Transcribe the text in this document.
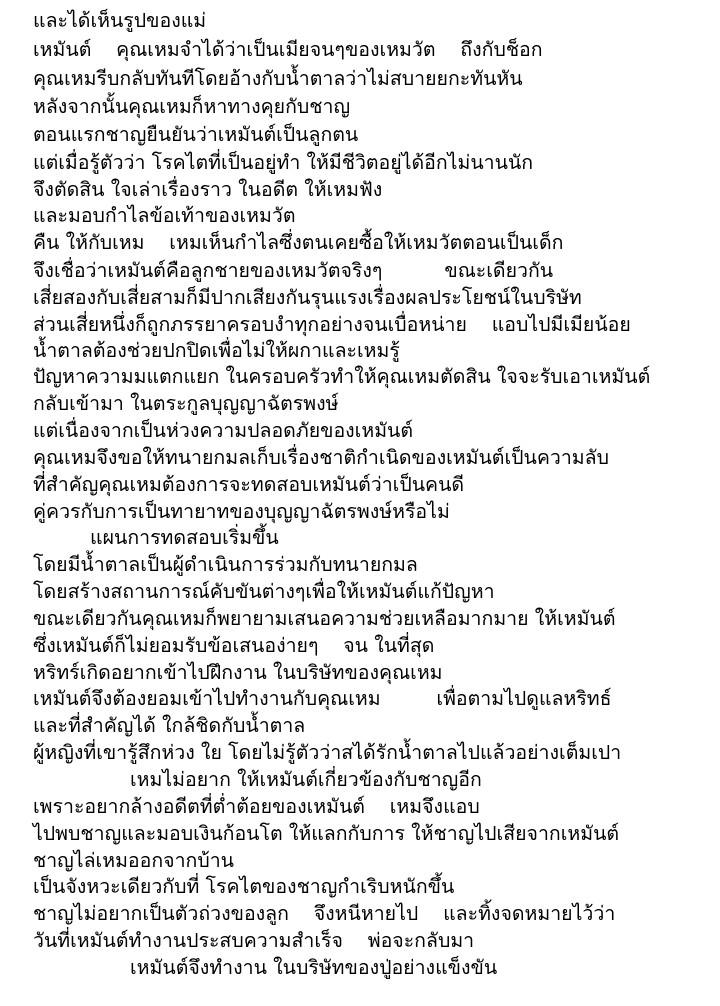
และได้เห็นรูปของแม่
เหมันต์    คุณเหมจำได้ว่าเป็นเมียจนๆของเหมวัต    ถึงกับช็อก
คุณเหมรีบกลับทันทีโดยอ้างกับน้ำตาลว่าไม่สบายยกะทันหัน
หลังจากนั้นคุณเหมก็หาทางคุยกับชาญ
ตอนแรกชาญยืนยันว่าเหมันต์เป็นลูกตน
แต่เมื่อรู้ตัวว่า โรคไตที่เป็นอยู่ทำ ให้มีชีวิตอยู่ได้อีกไม่นานนัก
จึงตัดสิน ใจเล่าเรื่องราว ในอดีต ให้เหมฟัง
และมอบกำไลข้อเท้าของเหมวัต
คืน ให้กับเหม    เหมเห็นกำไลซึ่งตนเคยซื้อให้เหมวัตตอนเป็นเด็ก
จึงเชื่อว่าเหมันต์คือลูกชายของเหมวัตจริงๆ          ขณะเดียวกัน
เสี่ยสองกับเสี่ยสามก็มีปากเสียงกันรุนแรงเรื่องผลประโยชน์ในบริษัท
ส่วนเสี่ยหนึ่งก็ถูกภรรยาครอบงำทุกอย่างจนเบื่อหน่าย    แอบไปมีเมียน้อย
น้ำตาลต้องช่วยปกปิดเพื่อไม่ให้ผกาและเหมรู้
ปัญหาความมแตกแยก ในครอบครัวทำให้คุณเหมตัดสิน ใจจะรับเอาเหมันต์
กลับเข้ามา ในตระกูลบุญญาฉัตรพงษ์
แต่เนื่องจากเป็นห่วงความปลอดภัยของเหมันต์
คุณเหมจึงขอให้ทนายกมลเก็บเรื่องชาติกำเนิดของเหมันต์เป็นความลับ
ที่สำคัญคุณเหมต้องการจะทดสอบเหมันต์ว่าเป็นคนดี
คู่ควรกับการเป็นทายาทของบุญญาฉัตรพงษ์หรือไม่
แผนการทดสอบเริ่มขึ้น
โดยมีน้ำตาลเป็นผู้ดำเนินการร่วมกับทนายกมล
โดยสร้างสถานการณ์คับขันต่างๆเพื่อให้เหมันต์แก้ปัญหา
ขณะเดียวกันคุณเหมก็พยายามเสนอความช่วยเหลือมากมาย ให้เหมันต์
ซึ่งเหมันต์ก็ไม่ยอมรับข้อเสนอง่ายๆ    จน ในที่สุด
หริทร์เกิดอยากเข้าไปฝึกงาน ในบริษัทของคุณเหม
เหมันต์จึงต้องยอมเข้าไปทำงานกับคุณเหม         เพื่อตามไปดูแลหริทธ์
และที่สำคัญได้ ใกล้ชิดกับน้ำตาล
ผู้หญิงที่เขารู้สึกห่วง ใย โดยไม่รู้ตัวว่าสได้รักน้ำตาลไปแล้วอย่างเต็มเปา
เหมไม่อยาก ให้เหมันต์เกี่ยวข้องกับชาญอีก
เพราะอยากล้างอดีตที่ต่ำต้อยของเหมันต์    เหมจึงแอบ
ไปพบชาญและมอบเงินก้อนโต ให้แลกกับการ ให้ชาญไปเสียจากเหมันต์
ชาญไล่เหมออกจากบ้าน
เป็นจังหวะเดียวกับที่ โรคไตของชาญกำเริบหนักขึ้น
ชาญไม่อยากเป็นตัวถ่วงของลูก    จึงหนีหายไป    และทิ้งจดหมายไว้ว่า
วันที่เหมันต์ทำงานประสบความสำเร็จ    พ่อจะกลับมา
เหมันต์จึงทำงาน ในบริษัทของปู่อย่างแข็งขัน
